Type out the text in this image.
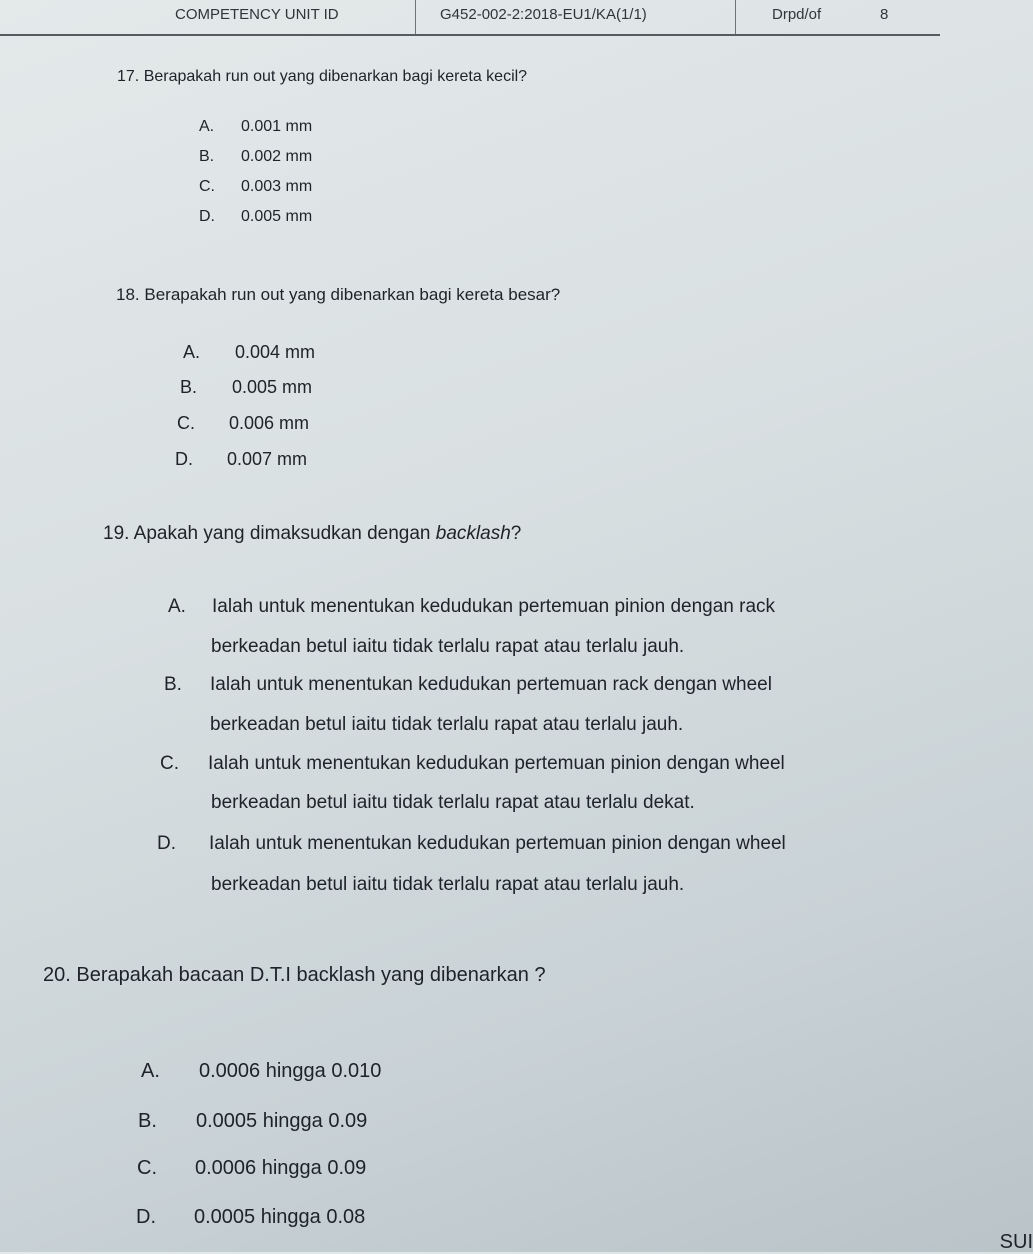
COMPETENCY UNIT ID	G452-002-2:2018-EU1/KA(1/1)	Drpd/of	8
17. Berapakah run out yang dibenarkan bagi kereta kecil?
A. 0.001 mm
B. 0.002 mm
C. 0.003 mm
D. 0.005 mm
18. Berapakah run out yang dibenarkan bagi kereta besar?
A. 0.004 mm
B. 0.005 mm
C. 0.006 mm
D. 0.007 mm
19. Apakah yang dimaksudkan dengan backlash?
A. Ialah untuk menentukan kedudukan pertemuan pinion dengan rack
berkeadan betul iaitu tidak terlalu rapat atau terlalu jauh.
B. Ialah untuk menentukan kedudukan pertemuan rack dengan wheel
berkeadan betul iaitu tidak terlalu rapat atau terlalu jauh.
C. Ialah untuk menentukan kedudukan pertemuan pinion dengan wheel
berkeadan betul iaitu tidak terlalu rapat atau terlalu dekat.
D. Ialah untuk menentukan kedudukan pertemuan pinion dengan wheel
berkeadan betul iaitu tidak terlalu rapat atau terlalu jauh.
20. Berapakah bacaan D.T.I backlash yang dibenarkan ?
A. 0.0006 hingga 0.010
B. 0.0005 hingga 0.09
C. 0.0006 hingga 0.09
D. 0.0005 hingga 0.08
SUI
